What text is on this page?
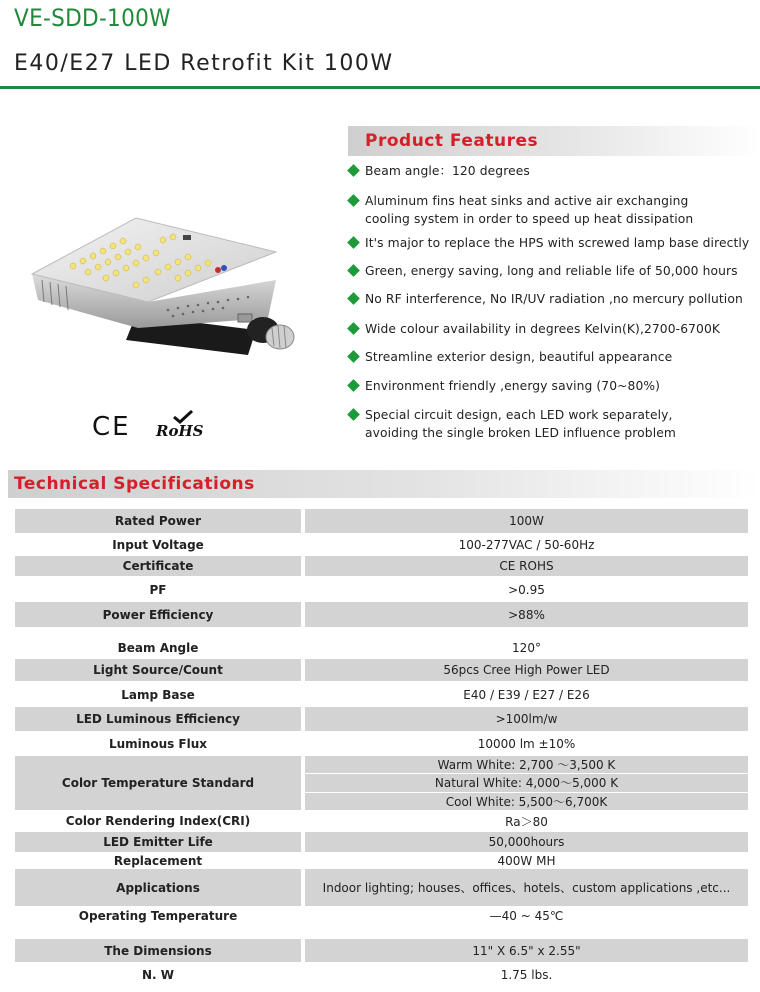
VE-SDD-100W
E40/E27 LED Retrofit Kit 100W
CE RoHS
Product Features
Beam angle：120 degrees
Aluminum fins heat sinks and active air exchanging
cooling system in order to speed up heat dissipation
It's major to replace the HPS with screwed lamp base directly
Green, energy saving, long and reliable life of 50,000 hours
No RF interference, No IR/UV radiation ,no mercury pollution
Wide colour availability in degrees Kelvin(K),2700-6700K
Streamline exterior design, beautiful appearance
Environment friendly ,energy saving (70~80%)
Special circuit design, each LED work separately,
avoiding the single broken LED influence problem
Technical Specifications
Rated Power	100W
Input Voltage	100-277VAC / 50-60Hz
Certificate	CE ROHS
PF	>0.95
Power Efficiency	>88%
Beam Angle	120°
Light Source/Count	56pcs Cree High Power LED
Lamp Base	E40 / E39 / E27 / E26
LED Luminous Efficiency	>100lm/w
Luminous Flux	10000 lm ±10%
Color Temperature Standard
Warm White: 2,700 ～3,500 K
Natural White: 4,000～5,000 K
Cool White: 5,500～6,700K
Color Rendering Index(CRI)	Ra＞80
LED Emitter Life	50,000hours
Replacement	400W MH
Applications	Indoor lighting; houses、offices、hotels、custom applications ,etc...
Operating Temperature	—40 ~ 45℃
The Dimensions	11" X 6.5" x 2.55"
N. W	1.75 lbs.
